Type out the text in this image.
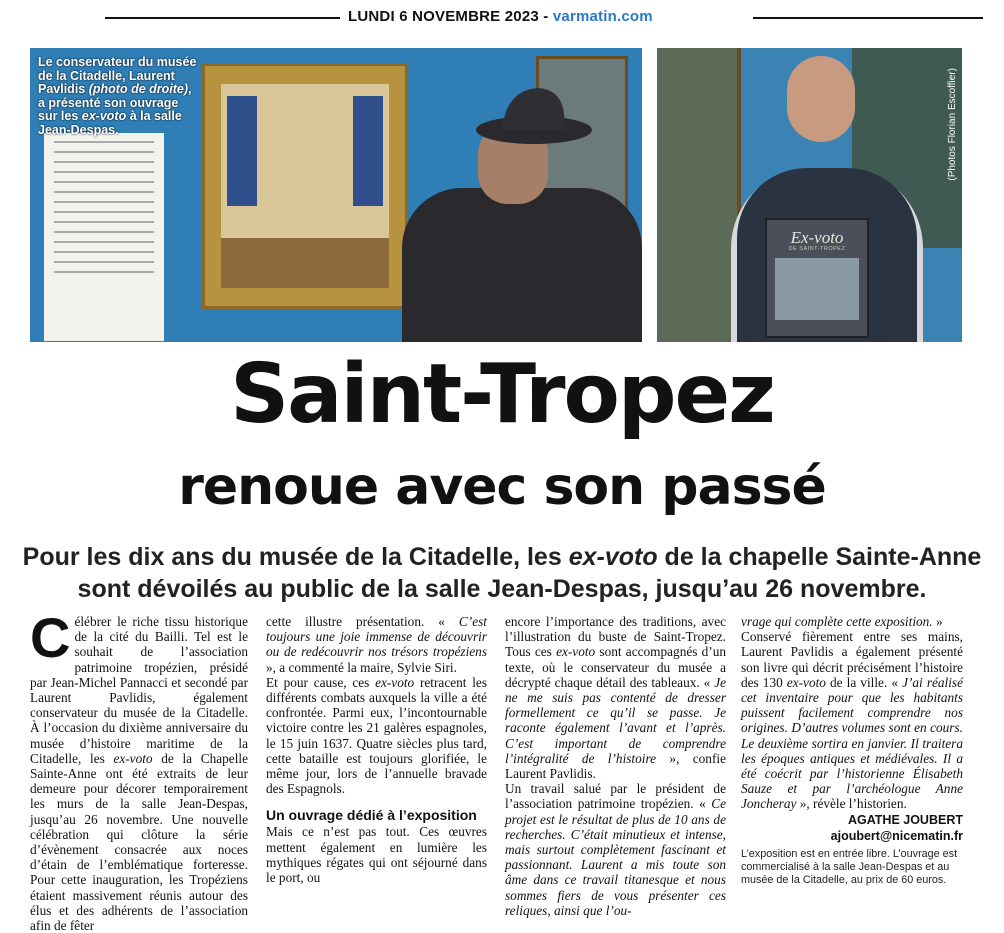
LUNDI 6 NOVEMBRE 2023 - varmatin.com
Le conservateur du musée de la Citadelle, Laurent Pavlidis (photo de droite), a présenté son ouvrage sur les ex-voto à la salle Jean-Despas.
Ex-voto
DE SAINT-TROPEZ
(Photos Florian Escoffier)
Saint-Tropez
renoue avec son passé
Pour les dix ans du musée de la Citadelle, les ex-voto de la chapelle Sainte-Anne sont dévoilés au public de la salle Jean-Despas, jusqu’au 26 novembre.

Célébrer le riche tissu historique de la cité du Bailli. Tel est le souhait de l’association patrimoine tropézien, présidé par Jean-Michel Pannacci et secondé par Laurent Pavlidis, également conservateur du musée de la Citadelle. À l’occasion du dixième anniversaire du musée d’histoire maritime de la Citadelle, les ex-voto de la Chapelle Sainte-Anne ont été extraits de leur demeure pour décorer temporairement les murs de la salle Jean-Despas, jusqu’au 26 novembre. Une nouvelle célébration qui clôture la série d’évènement consacrée aux noces d’étain de l’emblématique forteresse. Pour cette inauguration, les Tropéziens étaient massivement réunis autour des élus et des adhérents de l’association afin de fêter

cette illustre présentation. « C’est toujours une joie immense de découvrir ou de redécouvrir nos trésors tropéziens », a commenté la maire, Sylvie Siri.

Et pour cause, ces ex-voto retracent les différents combats auxquels la ville a été confrontée. Parmi eux, l’incontournable victoire contre les 21 galères espagnoles, le 15 juin 1637. Quatre siècles plus tard, cette bataille est toujours glorifiée, le même jour, lors de l’annuelle bravade des Espagnols.

Un ouvrage dédié à l’exposition

Mais ce n’est pas tout. Ces œuvres mettent également en lumière les mythiques régates qui ont séjourné dans le port, ou

encore l’importance des traditions, avec l’illustration du buste de Saint-Tropez. Tous ces ex-voto sont accompagnés d’un texte, où le conservateur du musée a décrypté chaque détail des tableaux. « Je ne me suis pas contenté de dresser formellement ce qu’il se passe. Je raconte également l’avant et l’après. C’est important de comprendre l’intégralité de l’histoire », confie Laurent Pavlidis.

Un travail salué par le président de l’association patrimoine tropézien. « Ce projet est le résultat de plus de 10 ans de recherches. C’était minutieux et intense, mais surtout complètement fascinant et passionnant. Laurent a mis toute son âme dans ce travail titanesque et nous sommes fiers de vous présenter ces reliques, ainsi que l’ou-

vrage qui complète cette exposition. »

Conservé fièrement entre ses mains, Laurent Pavlidis a également présenté son livre qui décrit précisément l’histoire des 130 ex-voto de la ville. « J’ai réalisé cet inventaire pour que les habitants puissent facilement comprendre nos origines. D’autres volumes sont en cours. Le deuxième sortira en janvier. Il traitera les époques antiques et médiévales. Il a été coécrit par l’historienne Élisabeth Sauze et par l’archéologue Anne Joncheray », révèle l’historien.

AGATHE JOUBERT
ajoubert@nicematin.fr
L’exposition est en entrée libre. L’ouvrage est commercialisé à la salle Jean-Despas et au musée de la Citadelle, au prix de 60 euros.
